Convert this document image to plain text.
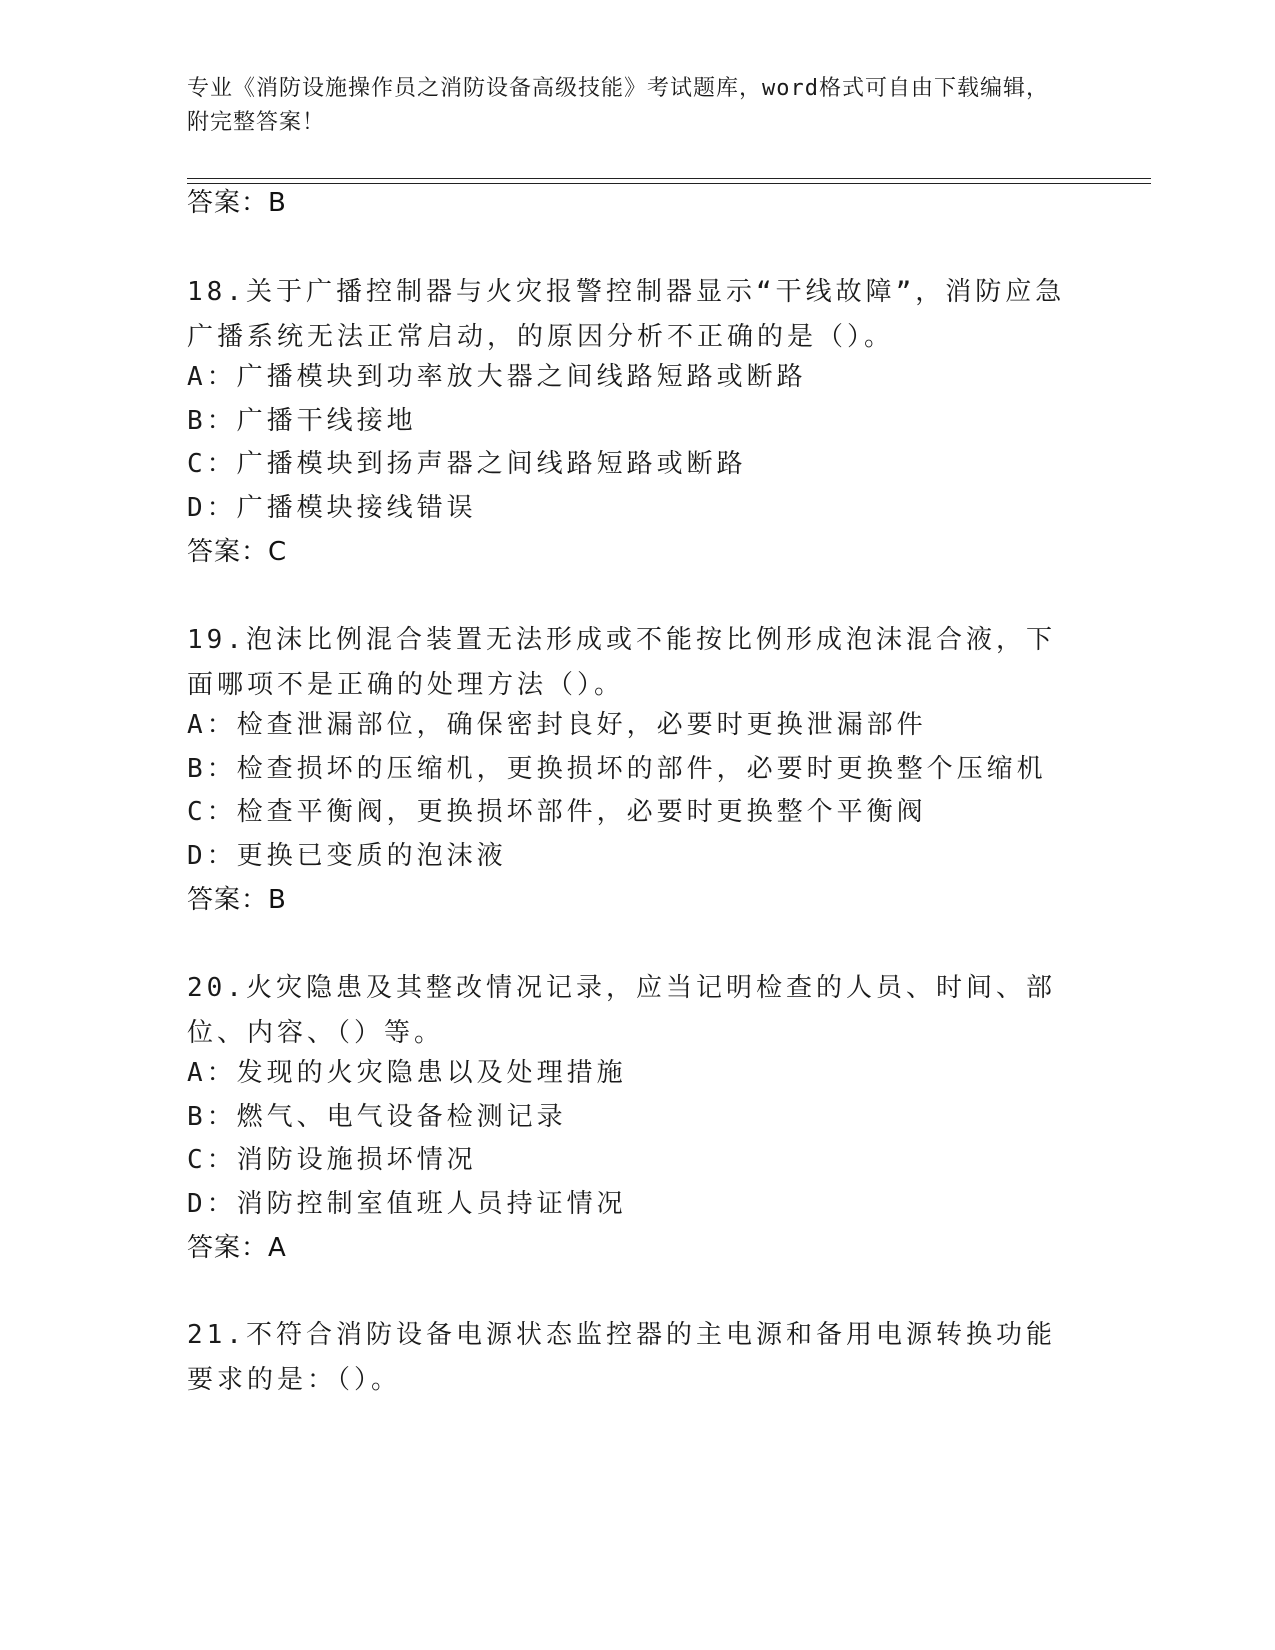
专业《消防设施操作员之消防设备高级技能》考试题库，word格式可自由下载编辑，附完整答案！
答案：B
18.关于广播控制器与火灾报警控制器显示“干线故障”，消防应急广播系统无法正常启动，的原因分析不正确的是（）。
A：广播模块到功率放大器之间线路短路或断路
B：广播干线接地
C：广播模块到扬声器之间线路短路或断路
D：广播模块接线错误
答案：C
19.泡沫比例混合装置无法形成或不能按比例形成泡沫混合液，下面哪项不是正确的处理方法（）。
A：检查泄漏部位，确保密封良好，必要时更换泄漏部件
B：检查损坏的压缩机，更换损坏的部件，必要时更换整个压缩机
C：检查平衡阀，更换损坏部件，必要时更换整个平衡阀
D：更换已变质的泡沫液
答案：B
20.火灾隐患及其整改情况记录，应当记明检查的人员、时间、部位、内容、（）等。
A：发现的火灾隐患以及处理措施
B：燃气、电气设备检测记录
C：消防设施损坏情况
D：消防控制室值班人员持证情况
答案：A
21.不符合消防设备电源状态监控器的主电源和备用电源转换功能要求的是：（）。
